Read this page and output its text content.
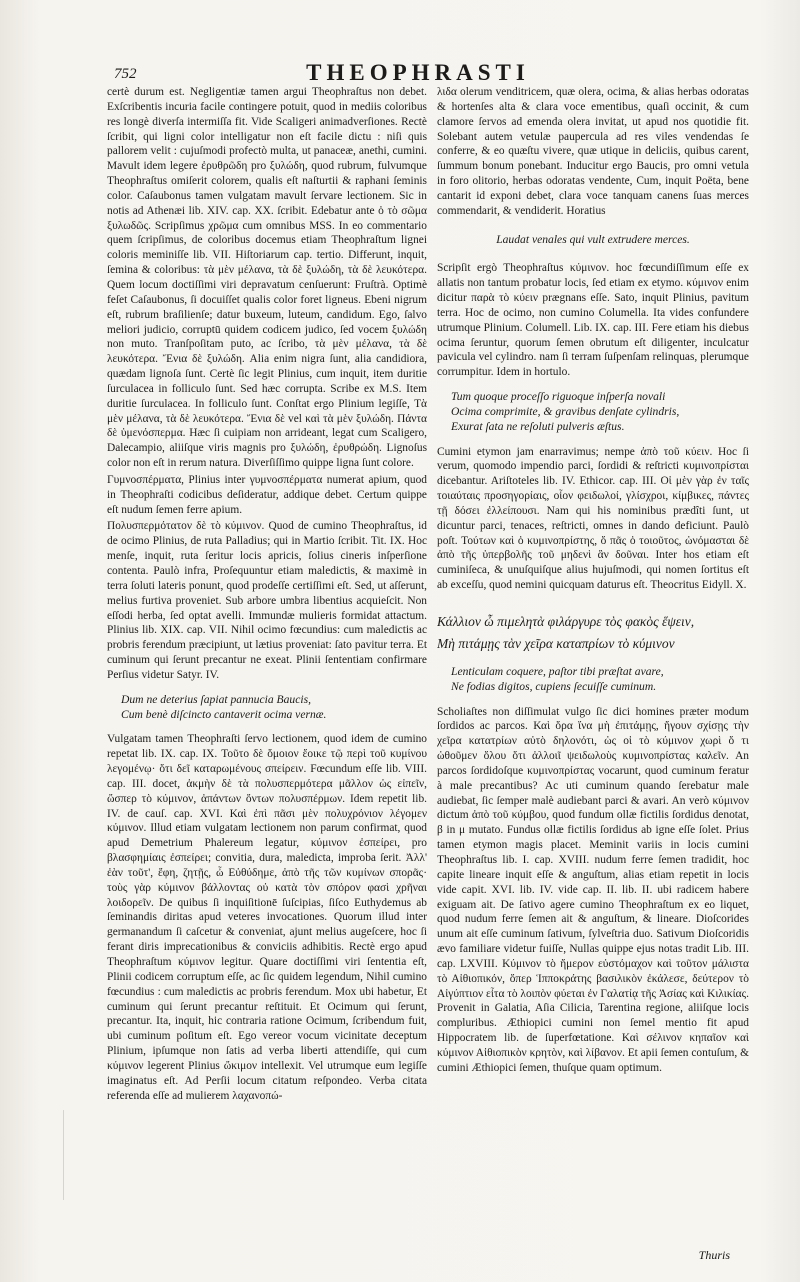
752	THEOPHRASTI

certè durum est. Negligentiæ tamen argui Theophraſtus non debet. Exſcribentis incuria facile contingere potuit, quod in mediis coloribus res longè diverſa intermiſſa fit. Vide Scaligeri animadverſiones. Rectè ſcribit, qui ligni color intelligatur non eſt facile dictu : niſi quis pallorem velit : cujuſmodi profectò multa, ut panaceæ, anethi, cumini. Mavult idem legere ἐρυθρῶδη pro ξυλώδη, quod rubrum, fulvumque Theophraſtus omiſerit colorem, qualis eſt naſturtii & raphani ſeminis color. Caſaubonus tamen vulgatam mavult ſervare lectionem. Sic in notis ad Athenæi lib. XIV. cap. XX. ſcribit. Edebatur ante ὁ τὸ σῶμα ξυλωδῶς. Scripſimus χρῶμα cum omnibus MSS. In eo commentario quem ſcripſimus, de coloribus docemus etiam Theophraſtum lignei coloris meminiſſe lib. VII. Hiſtoriarum cap. tertio. Differunt, inquit, ſemina & coloribus: τὰ μὲν μέλανα, τὰ δὲ ξυλώδη, τὰ δὲ λευκότερα. Quem locum doctiſſimi viri depravatum cenſuerunt: Fruſtrà. Optimè feſet Caſaubonus, ſi docuiſſet qualis color foret ligneus. Ebeni nigrum eſt, rubrum braſilienſe; datur buxeum, luteum, candidum. Ego, ſalvo meliori judicio, corruptū quidem codicem judico, ſed vocem ξυλώδη non muto. Tranſpoſitam puto, ac ſcribo, τὰ μὲν μέλανα, τὰ δὲ λευκότερα. Ἔνια δὲ ξυλώδη. Alia enim nigra ſunt, alia candidiora, quædam lignoſa ſunt. Certè ſic legit Plinius, cum inquit, item duritie ſurculacea in folliculo ſunt. Sed hæc corrupta. Scribe ex M.S. Item duritie ſurculacea. In folliculo ſunt. Conſtat ergo Plinium legiſſe, Τὰ μὲν μέλανα, τὰ δὲ λευκότερα. Ἔνια δὲ vel καὶ τὰ μὲν ξυλώδη. Πάντα δὲ ὑμενόσπερμα. Hæc ſi cuipiam non arrideant, legat cum Scaligero, Dalecampio, aliiſque viris magnis pro ξυλώδη, ἐρυθρώδη. Lignoſus color non eſt in rerum natura. Diverſiſſimo quippe ligna ſunt colore.

Γυμνοσπέρματα, Plinius inter γυμνοσπέρματα numerat apium, quod in Theophraſti codicibus deſideratur, addique debet. Certum quippe eſt nudum ſemen ferre apium.

Πολυσπερμότατον δὲ τὸ κύμινον. Quod de cumino Theophraſtus, id de ocimo Plinius, de ruta Palladius; qui in Martio ſcribit. Tit. IX. Hoc menſe, inquit, ruta ſeritur locis apricis, ſolius cineris inſperſione contenta. Paulò infra, Proſequuntur etiam maledictis, & maximè in terra ſoluti lateris ponunt, quod prodeſſe certiſſimi eſt. Sed, ut aſſerunt, melius furtiva proveniet. Sub arbore umbra libentius acquieſcit. Non eſſodi herba, ſed optat avelli. Immundæ mulieris formidat attactum. Plinius lib. XIX. cap. VII. Nihil ocimo fœcundius: cum maledictis ac probris ferendum præcipiunt, ut lætius proveniat: ſato pavitur terra. Et cuminum qui ſerunt precantur ne exeat. Plinii ſententiam confirmare Perſius videtur Satyr. IV.

Dum ne deterius ſapiat pannucia Baucis,
Cum benè diſcincto cantaverit ocima vernæ.

Vulgatam tamen Theophraſti ſervo lectionem, quod idem de cumino repetat lib. IX. cap. IX. Τοῦτο δὲ ὅμοιον ἔοικε τῷ περὶ τοῦ κυμίνου λεγομένῳ· ὅτι δεῖ καταρωμένους σπείρειν. Fœcundum eſſe lib. VIII. cap. III. docet, ἀκμὴν δὲ τὰ πολυσπερμότερα μᾶλλον ὡς εἰπεῖν, ὥσπερ τὸ κύμινον, ἁπάντων ὄντων πολυσπέρμων. Idem repetit lib. IV. de cauſ. cap. XVI. Καὶ ἐπὶ πᾶσι μὲν πολυχρόνιον λέγομεν κύμινον. Illud etiam vulgatam lectionem non parum confirmat, quod apud Demetrium Phalereum legatur, κύμινον ἐσπείρει, pro βλασφημίαις ἐσπείρει; convitia, dura, maledicta, improba ſerit. Ἀλλ' ἐὰν τοῦτ', ἔφη, ζητῇς, ὦ Εὐθύδημε, ἀπὸ τῆς τῶν κυμίνων σπορᾶς· τοὺς γὰρ κύμινον βάλλοντας οὐ κατὰ τὸν σπόρον φασὶ χρῆναι λοιδορεῖν. De quibus ſi inquiſitionē ſuſcipias, ſiſco Euthydemus ab ſeminandis diritas apud veteres invocationes. Quorum illud inter germanandum ſi caſcetur & conveniat, ajunt melius augeſcere, hoc ſi ferant diris imprecationibus & conviciis adhibitis. Rectè ergo apud Theophraſtum κύμινον legitur. Quare doctiſſimi viri ſententia eſt, Plinii codicem corruptum eſſe, ac ſic quidem legendum, Nihil cumino fœcundius : cum maledictis ac probris ferendum. Mox ubi habetur, Et cuminum qui ſerunt precantur reſtituit. Et Ocimum qui ſerunt, precantur. Ita, inquit, hic contraria ratione Ocimum, ſcribendum fuit, ubi cuminum poſitum eſt. Ego vereor vocum vicinitate deceptum Plinium, ipſumque non ſatis ad verba liberti attendiſſe, qui cum κύμινον legerent Plinius ὤκιμον intellexit. Vel utrumque eum legiſſe imaginatus eſt. Ad Perſii locum citatum reſpondeo. Verba citata referenda eſſe ad mulierem λαχανοπώ-

λιδα olerum venditricem, quæ olera, ocima, & alias herbas odoratas & hortenſes alta & clara voce ementibus, quaſi occinit, & cum clamore ſervos ad emenda olera invitat, ut apud nos quotidie fit. Solebant autem vetulæ paupercula ad res viles vendendas ſe conferre, & eo quæſtu vivere, quæ utique in deliciis, quibus carent, ſummum bonum ponebant. Inducitur ergo Baucis, pro omni vetula in foro olitorio, herbas odoratas vendente, Cum, inquit Poëta, bene cantarit id exponi debet, clara voce tanquam canens ſuas merces commendarit, & vendiderit. Horatius

Laudat venales qui vult extrudere merces.

Scripſit ergò Theophraſtus κύμινον. hoc fœcundiſſimum eſſe ex allatis non tantum probatur locis, ſed etiam ex etymo. κύμινον enim dicitur παρὰ τὸ κύειν prægnans eſſe. Sato, inquit Plinius, pavitum terra. Hoc de ocimo, non cumino Columella. Ita vides confundere utrumque Plinium. Columell. Lib. IX. cap. III. Fere etiam his diebus ocima ſeruntur, quorum ſemen obrutum eſt diligenter, inculcatur pavicula vel cylindro. nam ſi terram ſuſpenſam relinquas, plerumque corrumpitur. Idem in hortulo.

Tum quoque proceſſo riguoque inſperſa novali
Ocima comprimite, & gravibus denſate cylindris,
Exurat ſata ne reſoluti pulveris æſtus.

Cumini etymon jam enarravimus; nempe ἀπὸ τοῦ κύειν. Hoc ſi verum, quomodo impendio parci, ſordidi & reſtricti κυμινοπρίσται dicebantur. Ariſtoteles lib. IV. Ethicor. cap. III. Οἱ μὲν γὰρ ἐν ταῖς τοιαύταις προσηγορίαις, οἷον φειδωλοί, γλίσχροι, κίμβικες, πάντες τῇ δόσει ἐλλείπουσι. Nam qui his nominibus prædîti ſunt, ut dicuntur parci, tenaces, reſtricti, omnes in dando deficiunt. Paulò poſt. Τούτων καὶ ὁ κυμινοπρίστης, ὅ πᾶς ὁ τοιοῦτος, ὠνόμασται δὲ ἀπὸ τῆς ὑπερβολῆς τοῦ μηδενὶ ἂν δοῦναι. Inter hos etiam eſt cuminiſeca, & unuſquiſque alius hujuſmodi, qui nomen ſortitus eſt ab exceſſu, quod nemini quicquam daturus eſt. Theocritus Eidyll. X.

Κάλλιον ὦ πιμελητὰ φιλάργυρε τὸς φακὸς ἕψειν,
Μὴ πιτάμῃς τὰν χεῖρα καταπρίων τὸ κύμινον
Lenticulam coquere, paſtor tibi præſtat avare,
Ne fodias digitos, cupiens ſecuiſſe cuminum.

Scholiaſtes non diſſimulat vulgo ſic dici homines præter modum ſordidos ac parcos. Καὶ ὅρα ἵνα μὴ ἐπιτάμῃς, ἤγουν σχίσῃς τὴν χεῖρα κατατρίων αὐτὸ δηλονότι, ὡς οἱ τὸ κύμινον χωρὶ ὅ τι ὠθοῦμεν ὅλου ὅτι ἀλλοιῖ ψειδωλοὺς κυμινοπρίστας καλεῖν. An parcos ſordidoſque κυμινοπρίστας vocarunt, quod cuminum feratur à male precantibus? Ac uti cuminum quando ſerebatur male audiebat, ſic ſemper malè audiebant parci & avari. An verò κύμινον dictum ἀπὸ τοῦ κύμβου, quod fundum ollæ fictilis ſordidus denotat, β in μ mutato. Fundus ollæ fictilis ſordidus ab igne eſſe ſolet. Prius tamen etymon magis placet. Meminit variis in locis cumini Theophraſtus lib. I. cap. XVIII. nudum ferre ſemen tradidit, hoc capite lineare inquit eſſe & anguſtum, alias etiam repetit in locis vide capit. XVI. lib. IV. vide cap. II. lib. II. ubi radicem habere exiguam ait. De ſativo agere cumino Theophraſtum ex eo liquet, quod nudum ferre ſemen ait & anguſtum, & lineare. Dioſcorides unum ait eſſe cuminum ſativum, ſylveſtria duo. Sativum Dioſcoridis ævo familiare videtur fuiſſe, Nullas quippe ejus notas tradit Lib. III. cap. LXVIII. Κύμινον τὸ ἥμερον εὐστόμαχον καὶ τοῦτον μάλιστα τὸ Αἰθιοπικόν, ὅπερ Ἱπποκράτης βασιλικὸν ἐκάλεσε, δεύτερον τὸ Αἰγύπτιον εἶτα τὸ λοιπὸν φύεται ἐν Γαλατίᾳ τῆς Ἀσίας καὶ Κιλικίας. Provenit in Galatia, Aſia Cilicia, Tarentina regione, aliiſque locis compluribus. Æthiopici cumini non ſemel mentio fit apud Hippocratem lib. de ſuperfœtatione. Καὶ σέλινον κηπαῖον καὶ κύμινον Αἰθιοπικὸν κρητὸν, καὶ λίβανον. Et apii ſemen contuſum, & cumini Æthiopici ſemen, thuſque quam optimum.

Thuris
